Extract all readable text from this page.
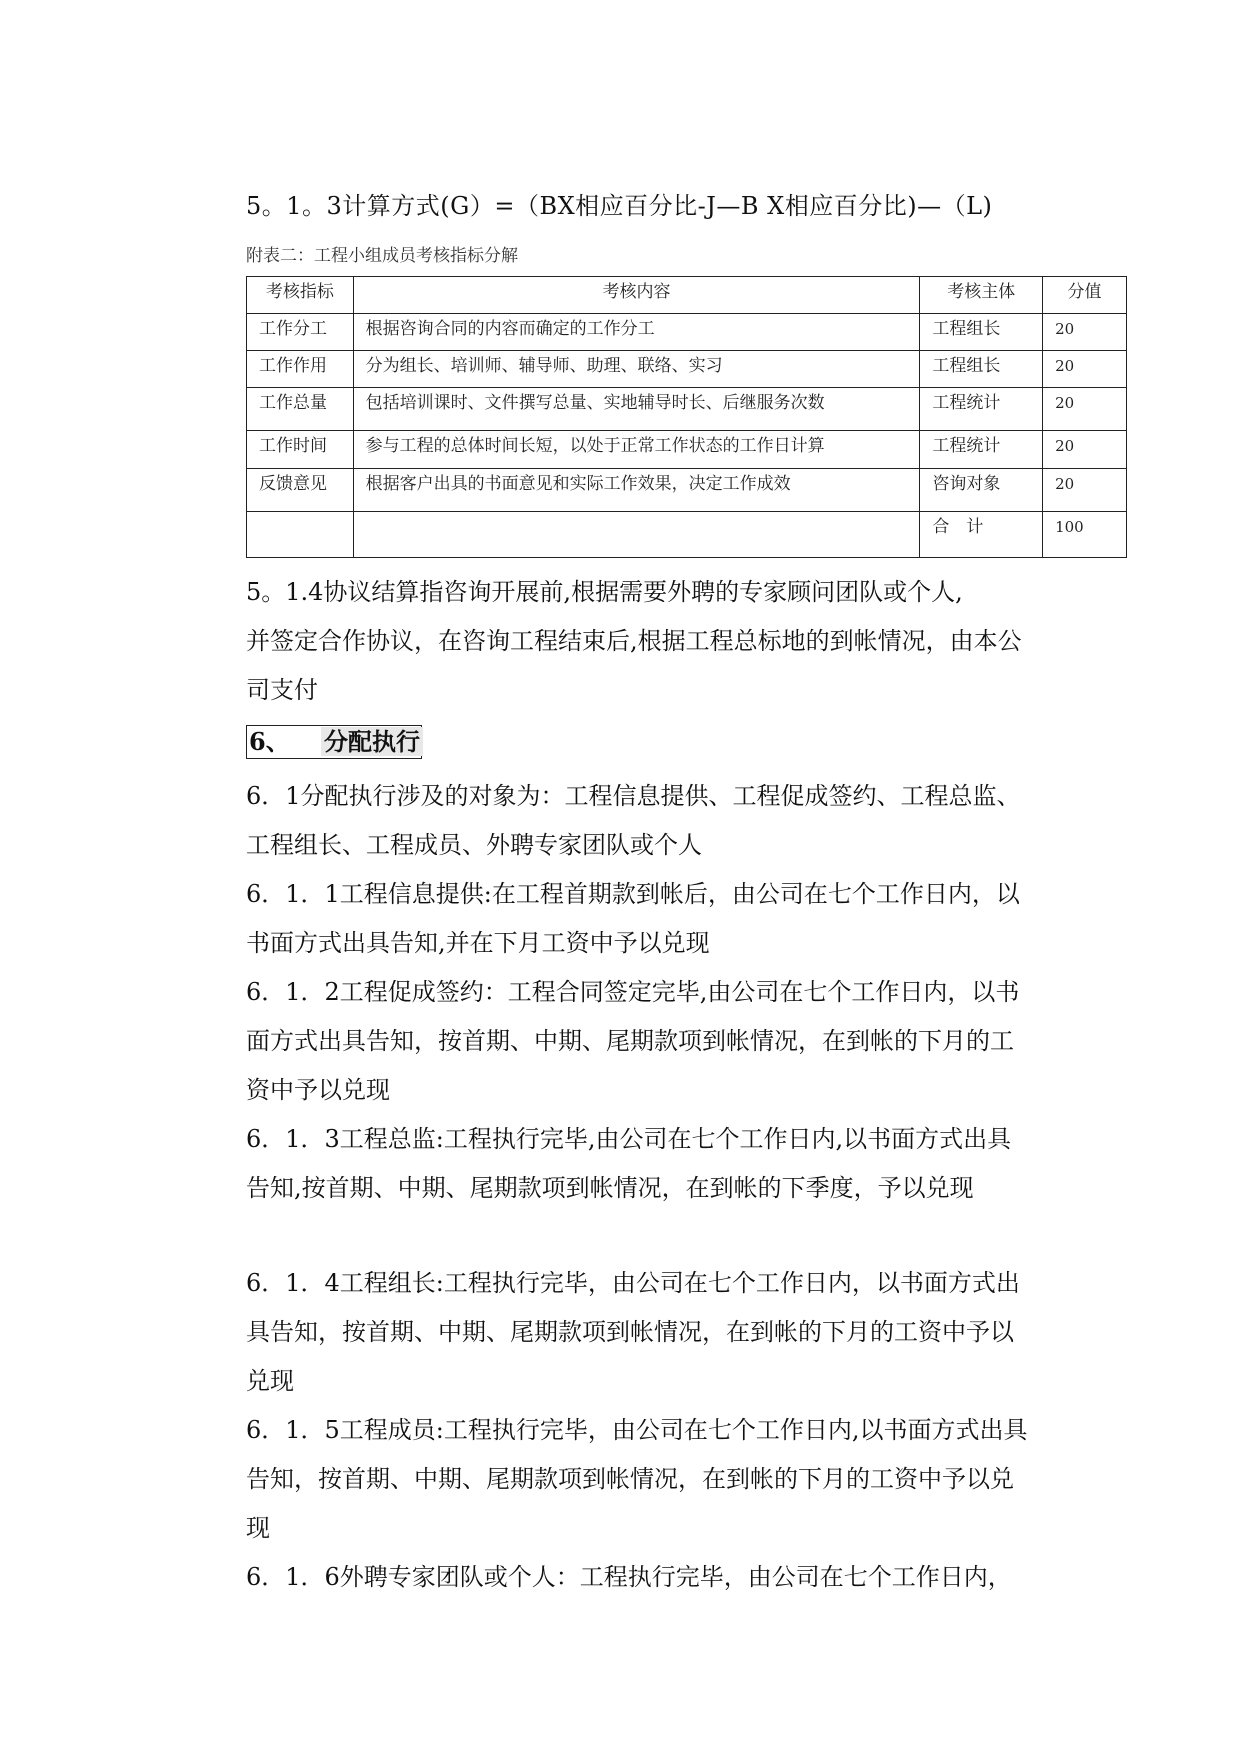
5。1。3计算方式(G）=（BX相应百分比-J—B X相应百分比)—（L)
附表二：工程小组成员考核指标分解
考核指标	考核内容	考核主体	分值
工作分工	根据咨询合同的内容而确定的工作分工	工程组长	20
工作作用	分为组长、培训师、辅导师、助理、联络、实习	工程组长	20
工作总量	包括培训课时、文件撰写总量、实地辅导时长、后继服务次数	工程统计	20
工作时间	参与工程的总体时间长短，以处于正常工作状态的工作日计算	工程统计	20
反馈意见	根据客户出具的书面意见和实际工作效果，决定工作成效	咨询对象	20
		合　计	100
5。1.4协议结算指咨询开展前,根据需要外聘的专家顾问团队或个人,
并签定合作协议，在咨询工程结束后,根据工程总标地的到帐情况，由本公
司支付
6、 分配执行
6．1分配执行涉及的对象为：工程信息提供、工程促成签约、工程总监、
工程组长、工程成员、外聘专家团队或个人
6．1．1工程信息提供:在工程首期款到帐后，由公司在七个工作日内，以
书面方式出具告知,并在下月工资中予以兑现
6．1．2工程促成签约：工程合同签定完毕,由公司在七个工作日内，以书
面方式出具告知，按首期、中期、尾期款项到帐情况，在到帐的下月的工
资中予以兑现
6．1．3工程总监:工程执行完毕,由公司在七个工作日内,以书面方式出具
告知,按首期、中期、尾期款项到帐情况，在到帐的下季度，予以兑现
6．1．4工程组长:工程执行完毕，由公司在七个工作日内，以书面方式出
具告知，按首期、中期、尾期款项到帐情况，在到帐的下月的工资中予以
兑现
6．1．5工程成员:工程执行完毕，由公司在七个工作日内,以书面方式出具
告知，按首期、中期、尾期款项到帐情况，在到帐的下月的工资中予以兑
现
6．1．6外聘专家团队或个人：工程执行完毕，由公司在七个工作日内，
